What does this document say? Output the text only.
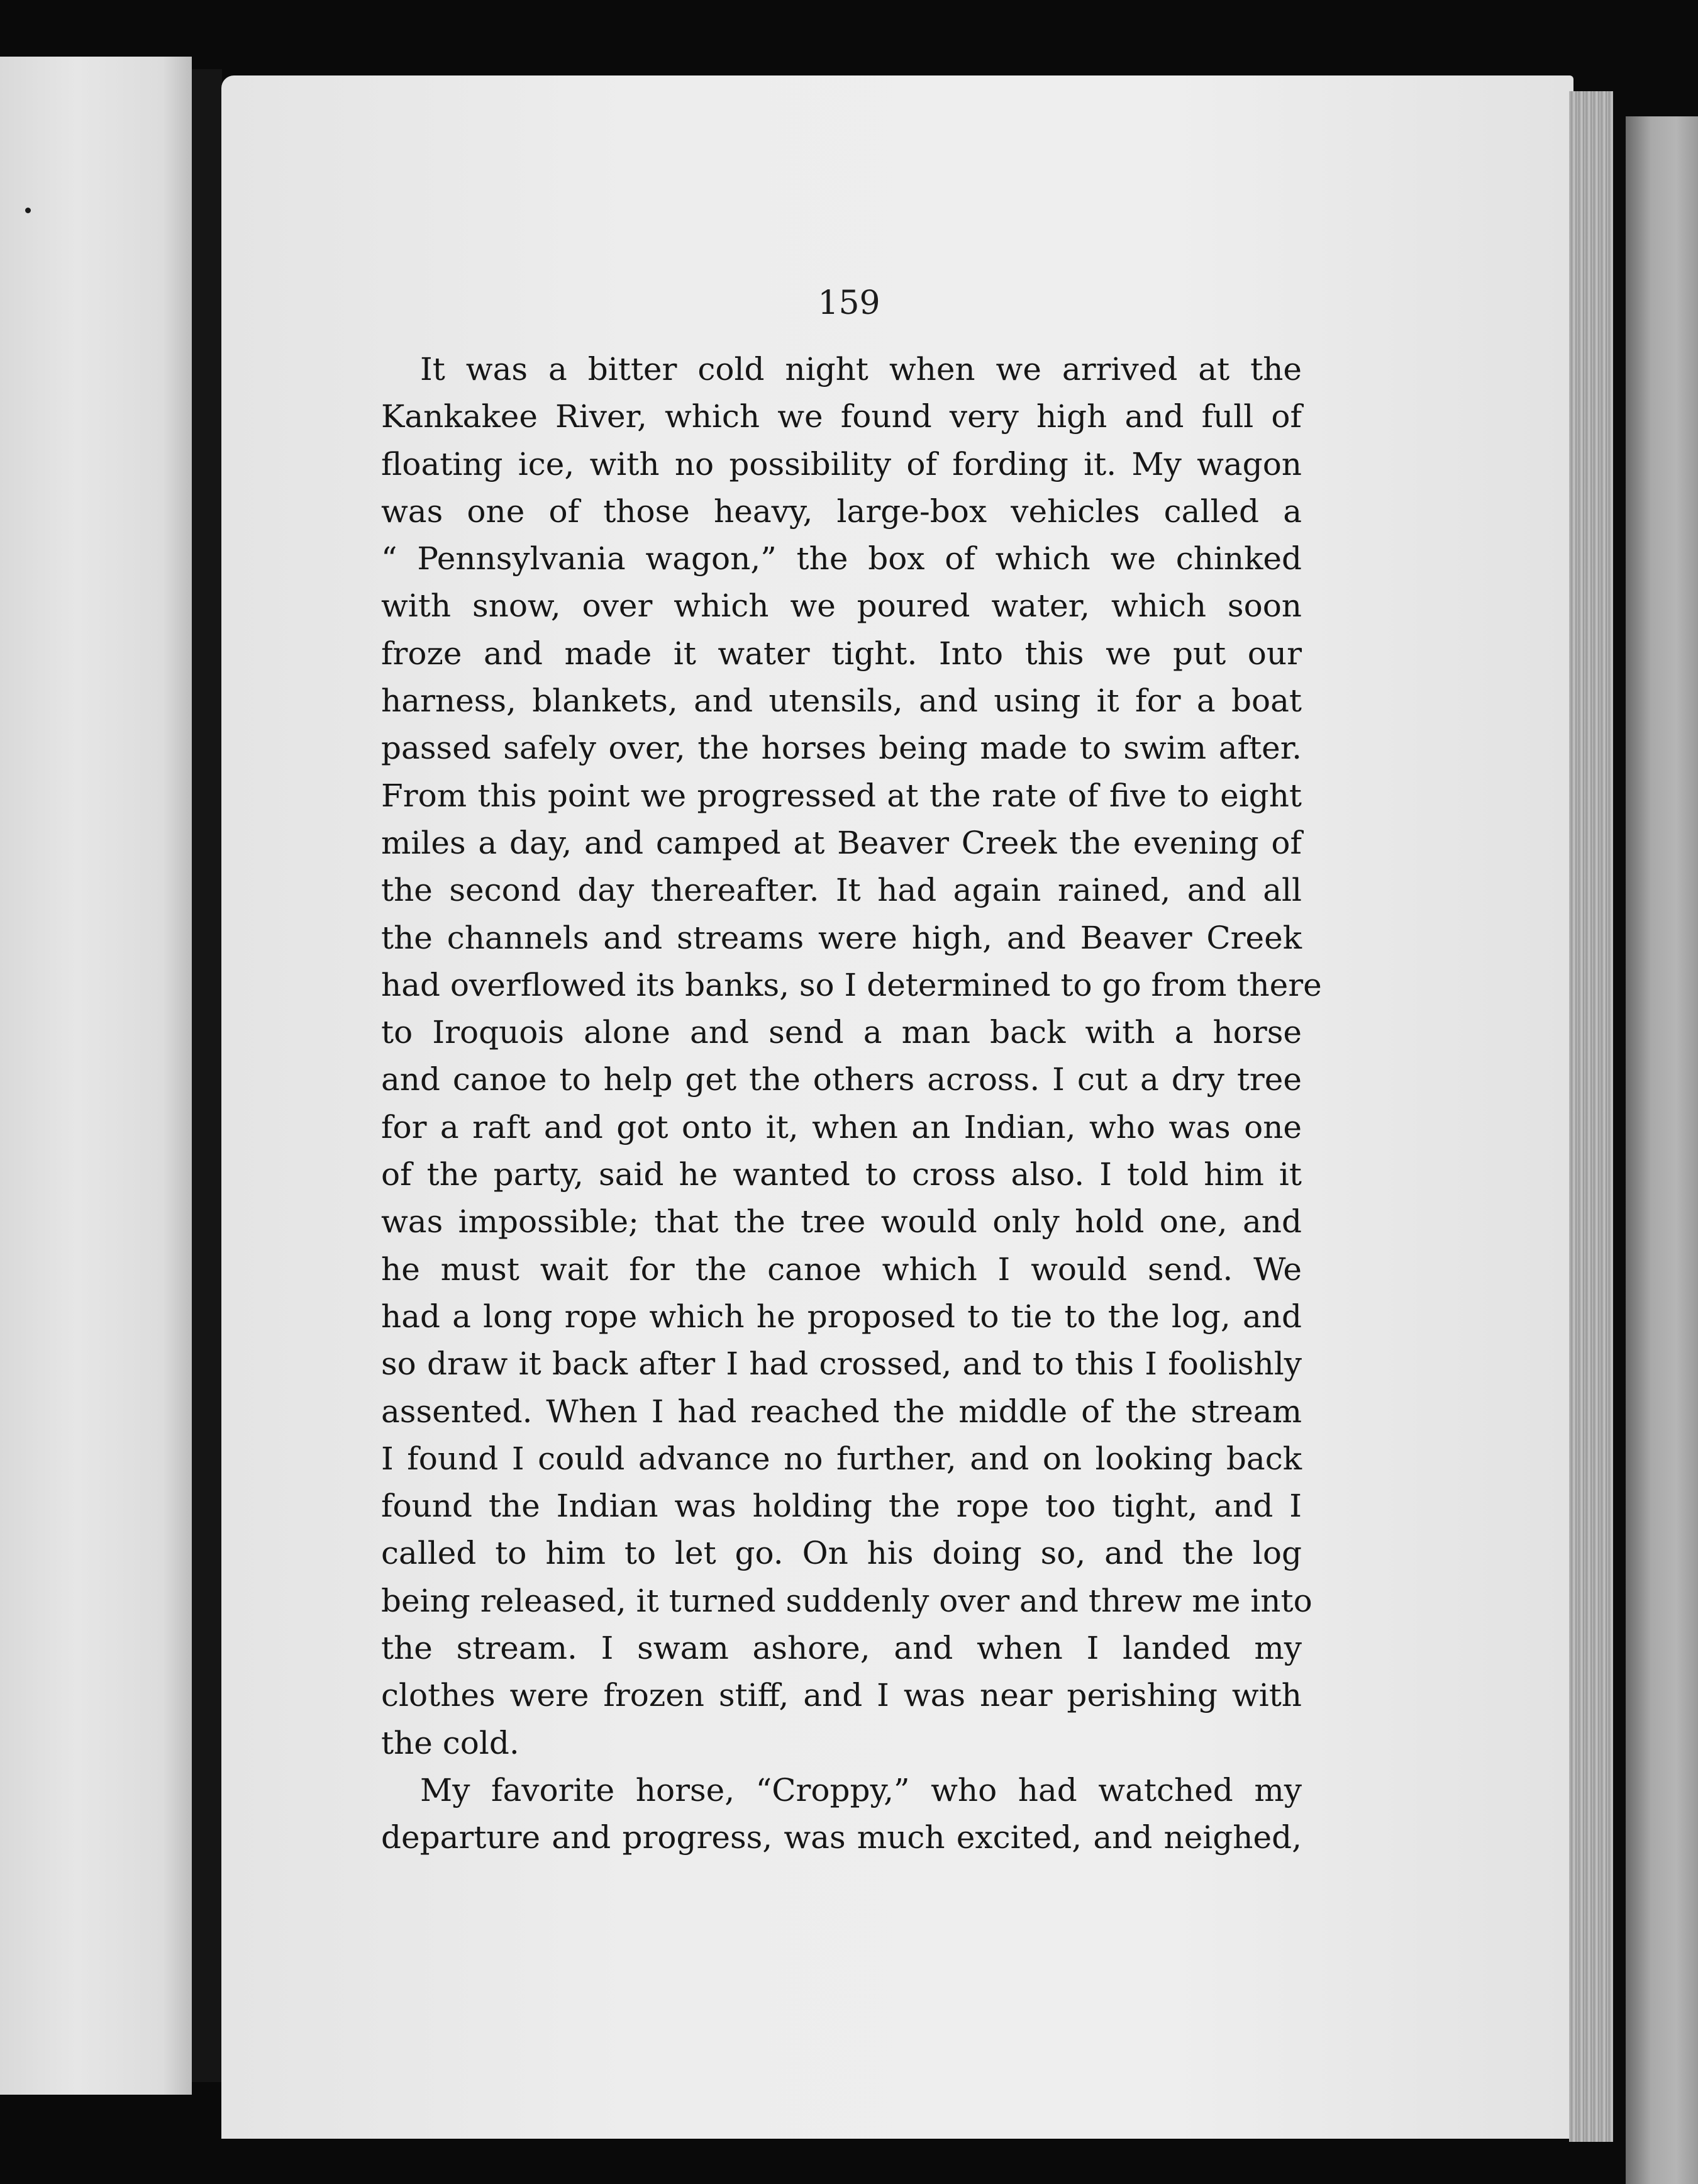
159

It was a bitter cold night when we arrived at the
Kankakee River, which we found very high and full of
floating ice, with no possibility of fording it. My wagon
was one of those heavy, large-box vehicles called a
“ Pennsylvania wagon,” the box of which we chinked
with snow, over which we poured water, which soon
froze and made it water tight. Into this we put our
harness, blankets, and utensils, and using it for a boat
passed safely over, the horses being made to swim after.
From this point we progressed at the rate of five to eight
miles a day, and camped at Beaver Creek the evening of
the second day thereafter. It had again rained, and all
the channels and streams were high, and Beaver Creek
had overflowed its banks, so I determined to go from there
to Iroquois alone and send a man back with a horse
and canoe to help get the others across. I cut a dry tree
for a raft and got onto it, when an Indian, who was one
of the party, said he wanted to cross also. I told him it
was impossible; that the tree would only hold one, and
he must wait for the canoe which I would send. We
had a long rope which he proposed to tie to the log, and
so draw it back after I had crossed, and to this I foolishly
assented. When I had reached the middle of the stream
I found I could advance no further, and on looking back
found the Indian was holding the rope too tight, and I
called to him to let go. On his doing so, and the log
being released, it turned suddenly over and threw me into
the stream. I swam ashore, and when I landed my
clothes were frozen stiff, and I was near perishing with
the cold.

My favorite horse, “Croppy,” who had watched my
departure and progress, was much excited, and neighed,
